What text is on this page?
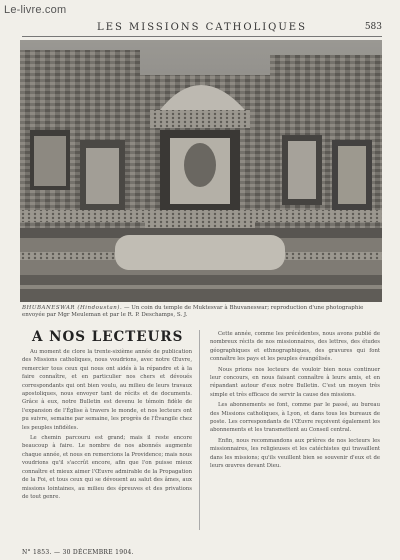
Le-livre.com
LES MISSIONS CATHOLIQUES	583
BHUBANESWAR (Hindoustan). — Un coin du temple de Muktesvar à Bhuvaneswar; reproduction d'une photographie envoyée par Mgr Meuleman et par le R. P. Deschamps, S. J.
A NOS LECTEURS

Au moment de clore la trente-sixième année de publication des Missions catholiques, nous voudrions, avec notre Œuvre, remercier tous ceux qui nous ont aidés à la répandre et à la faire connaître, et en particulier nos chers et dévoués correspondants qui ont bien voulu, au milieu de leurs travaux apostoliques, nous envoyer tant de récits et de documents. Grâce à eux, notre Bulletin est devenu le témoin fidèle de l'expansion de l'Église à travers le monde, et nos lecteurs ont pu suivre, semaine par semaine, les progrès de l'Évangile chez les peuples infidèles.

Le chemin parcouru est grand; mais il reste encore beaucoup à faire. Le nombre de nos abonnés augmente chaque année, et nous en remercions la Providence; mais nous voudrions qu'il s'accrût encore, afin que l'on puisse mieux connaître et mieux aimer l'Œuvre admirable de la Propagation de la Foi, et tous ceux qui se dévouent au salut des âmes, aux missions lointaines, au milieu des épreuves et des privations de tout genre.

Cette année, comme les précédentes, nous avons publié de nombreux récits de nos missionnaires, des lettres, des études géographiques et ethnographiques, des gravures qui font connaître les pays et les peuples évangélisés.

Nous prions nos lecteurs de vouloir bien nous continuer leur concours, en nous faisant connaître à leurs amis, et en répandant autour d'eux notre Bulletin. C'est un moyen très simple et très efficace de servir la cause des missions.

Les abonnements se font, comme par le passé, au bureau des Missions catholiques, à Lyon, et dans tous les bureaux de poste. Les correspondants de l'Œuvre reçoivent également les abonnements et les transmettent au Conseil central.

Enfin, nous recommandons aux prières de nos lecteurs les missionnaires, les religieuses et les catéchistes qui travaillent dans les missions; qu'ils veuillent bien se souvenir d'eux et de leurs œuvres devant Dieu.

N° 1853. — 30 DÉCEMBRE 1904.
